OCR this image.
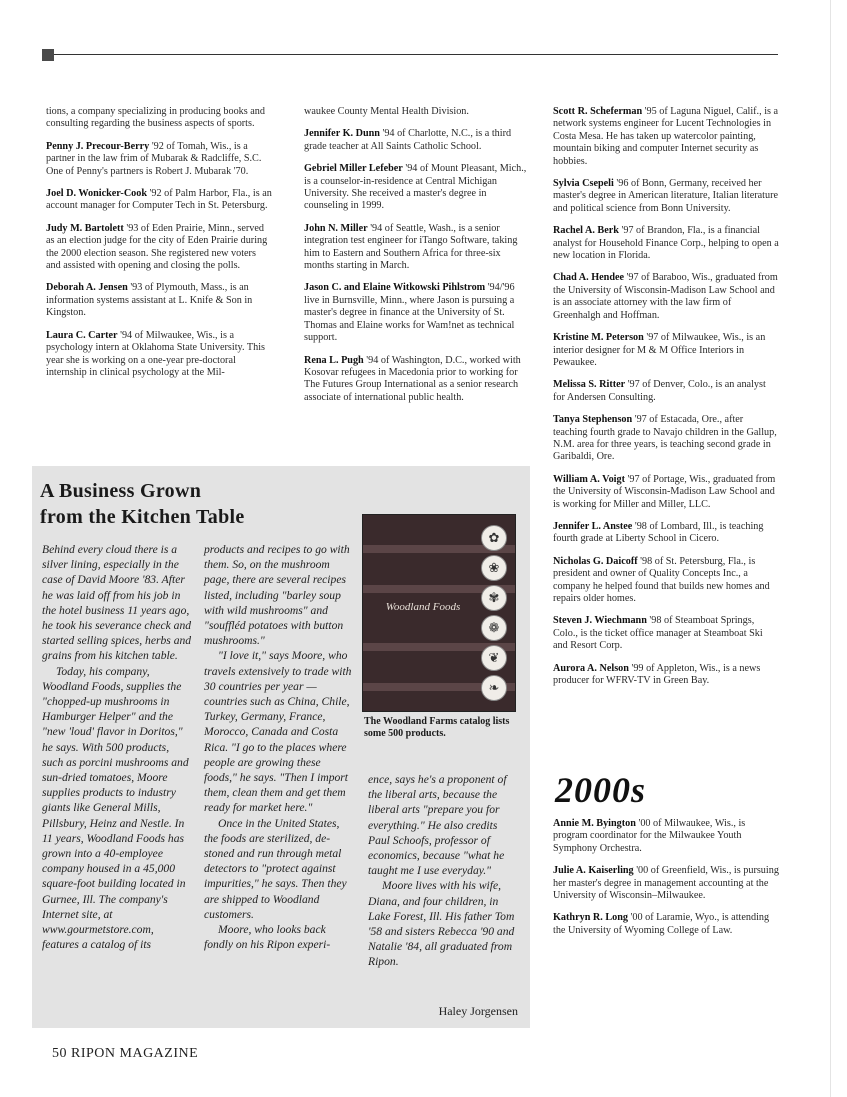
tions, a company specializing in producing books and consulting regarding the business aspects of sports.

Penny J. Precour-Berry '92 of Tomah, Wis., is a partner in the law frim of Mubarak & Radcliffe, S.C. One of Penny's partners is Robert J. Mubarak '70.

Joel D. Wonicker-Cook '92 of Palm Harbor, Fla., is an account manager for Computer Tech in St. Petersburg.

Judy M. Bartolett '93 of Eden Prairie, Minn., served as an election judge for the city of Eden Prairie during the 2000 election season. She registered new voters and assisted with opening and closing the polls.

Deborah A. Jensen '93 of Plymouth, Mass., is an information systems assistant at L. Knife & Son in Kingston.

Laura C. Carter '94 of Milwaukee, Wis., is a psychology intern at Oklahoma State University. This year she is working on a one-year pre-doctoral internship in clinical psychology at the Mil-

waukee County Mental Health Division.

Jennifer K. Dunn '94 of Charlotte, N.C., is a third grade teacher at All Saints Catholic School.

Gebriel Miller Lefeber '94 of Mount Pleasant, Mich., is a counselor-in-residence at Central Michigan University. She received a master's degree in counseling in 1999.

John N. Miller '94 of Seattle, Wash., is a senior integration test engineer for iTango Software, taking him to Eastern and Southern Africa for three-six months starting in March.

Jason C. and Elaine Witkowski Pihlstrom '94/'96 live in Burnsville, Minn., where Jason is pursuing a master's degree in finance at the University of St. Thomas and Elaine works for Wam!net as technical support.

Rena L. Pugh '94 of Washington, D.C., worked with Kosovar refugees in Macedonia prior to working for The Futures Group International as a senior research associate of international public health.

Scott R. Scheferman '95 of Laguna Niguel, Calif., is a network systems engineer for Lucent Technologies in Costa Mesa. He has taken up watercolor painting, mountain biking and computer Internet security as hobbies.

Sylvia Csepeli '96 of Bonn, Germany, received her master's degree in American literature, Italian literature and political science from Bonn University.

Rachel A. Berk '97 of Brandon, Fla., is a financial analyst for Household Finance Corp., helping to open a new location in Florida.

Chad A. Hendee '97 of Baraboo, Wis., graduated from the University of Wisconsin-Madison Law School and is an associate attorney with the law firm of Greenhalgh and Hoffman.

Kristine M. Peterson '97 of Milwaukee, Wis., is an interior designer for M & M Office Interiors in Pewaukee.

Melissa S. Ritter '97 of Denver, Colo., is an analyst for Andersen Consulting.

Tanya Stephenson '97 of Estacada, Ore., after teaching fourth grade to Navajo children in the Gallup, N.M. area for three years, is teaching second grade in Garibaldi, Ore.

William A. Voigt '97 of Portage, Wis., graduated from the University of Wisconsin-Madison Law School and is working for Miller and Miller, LLC.

Jennifer L. Anstee '98 of Lombard, Ill., is teaching fourth grade at Liberty School in Cicero.

Nicholas G. Daicoff '98 of St. Petersburg, Fla., is president and owner of Quality Concepts Inc., a company he helped found that builds new homes and repairs older homes.

Steven J. Wiechmann '98 of Steamboat Springs, Colo., is the ticket office manager at Steamboat Ski and Resort Corp.

Aurora A. Nelson '99 of Appleton, Wis., is a news producer for WFRV-TV in Green Bay.

A Business Grown
from the Kitchen Table

Behind every cloud there is a silver lining, especially in the case of David Moore '83. After he was laid off from his job in the hotel business 11 years ago, he took his severance check and started selling spices, herbs and grains from his kitchen table.

Today, his company, Woodland Foods, supplies the "chopped-up mushrooms in Hamburger Helper" and the "new 'loud' flavor in Doritos," he says. With 500 products, such as porcini mushrooms and sun-dried tomatoes, Moore supplies products to industry giants like General Mills, Pillsbury, Heinz and Nestle. In 11 years, Woodland Foods has grown into a 40-employee company housed in a 45,000 square-foot building located in Gurnee, Ill. The company's Internet site, at www.gourmetstore.com, features a catalog of its

products and recipes to go with them. So, on the mushroom page, there are several recipes listed, including "barley soup with wild mushrooms" and "souffléd potatoes with button mushrooms."

"I love it," says Moore, who travels extensively to trade with 30 countries per year — countries such as China, Chile, Turkey, Germany, France, Morocco, Canada and Costa Rica. "I go to the places where people are growing these foods," he says. "Then I import them, clean them and get them ready for market here."

Once in the United States, the foods are sterilized, de-stoned and run through metal detectors to "protect against impurities," he says. Then they are shipped to Woodland customers.

Moore, who looks back fondly on his Ripon experi-

ence, says he's a proponent of the liberal arts, because the liberal arts "prepare you for everything." He also credits Paul Schoofs, professor of economics, because "what he taught me I use everyday."

Moore lives with his wife, Diana, and four children, in Lake Forest, Ill. His father Tom '58 and sisters Rebecca '90 and Natalie '84, all graduated from Ripon.

Woodland Foods
✿
❀
✾
❁
❦
❧
The Woodland Farms catalog lists some 500 products.
Haley Jorgensen
2000s

Annie M. Byington '00 of Milwaukee, Wis., is program coordinator for the Milwaukee Youth Symphony Orchestra.

Julie A. Kaiserling '00 of Greenfield, Wis., is pursuing her master's degree in management accounting at the University of Wisconsin–Milwaukee.

Kathryn R. Long '00 of Laramie, Wyo., is attending the University of Wyoming College of Law.

50 RIPON MAGAZINE
